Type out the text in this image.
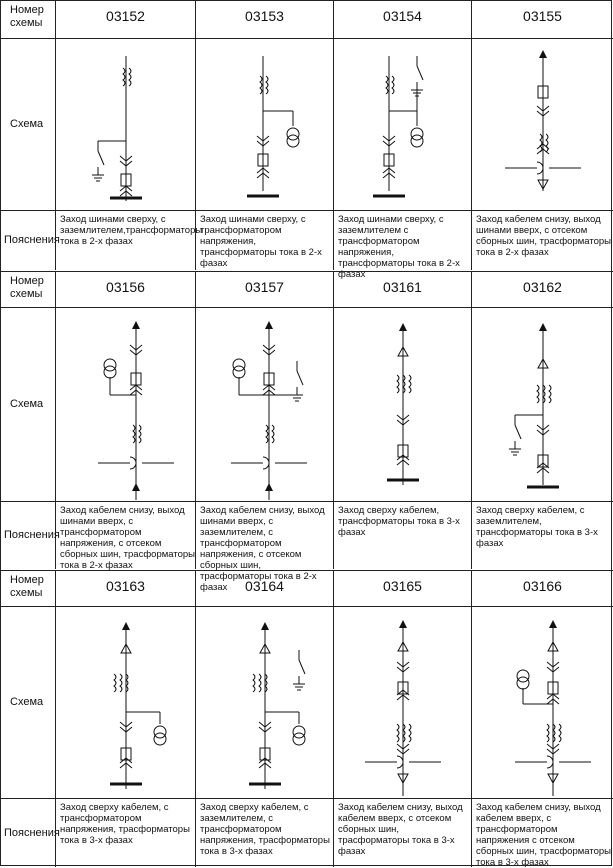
Номер схемы
Схема
Пояснения
03152
Заход шинами сверху, с заземлителем,трансформаторы тока в 2-х фазах
03153
Заход шинами сверху, с трансформатором напряжения, трансформаторы тока в 2-х фазах
03154
Заход шинами сверху, с заземлителем с трансформатором напряжения, трансформаторы тока в 2-х фазах
03155
Заход кабелем снизу, выход шинами вверх, с отсеком сборных шин, трасформаторы тока в 2-х фазах
Номер схемы
Схема
Пояснения
03156
Заход кабелем снизу, выход шинами вверх, с трансформатором напряжения, с отсеком сборных шин, трасформаторы тока в 2-х фазах
03157
Заход кабелем снизу, выход шинами вверх, с заземлителем, с трансформатором напряжения, с отсеком сборных шин, трасформаторы тока в 2-х фазах
03161
Заход сверху кабелем, трансформаторы тока в 3-х фазах
03162
Заход сверху кабелем, с заземлителем, трансформаторы тока в 3-х фазах
Номер схемы
Схема
Пояснения
03163
Заход сверху кабелем, с трансформатором напряжения, трасформаторы тока в 3-х фазах
03164
Заход сверху кабелем, с заземлителем, с трансформатором напряжения, трасформаторы тока в 3-х фазах
03165
Заход кабелем снизу, выход кабелем вверх, с отсеком сборных шин, трасформаторы тока в 3-х фазах
03166
Заход кабелем снизу, выход кабелем вверх, с трансформатором напряжения с отсеком сборных шин, трасформаторы тока в 3-х фазах
